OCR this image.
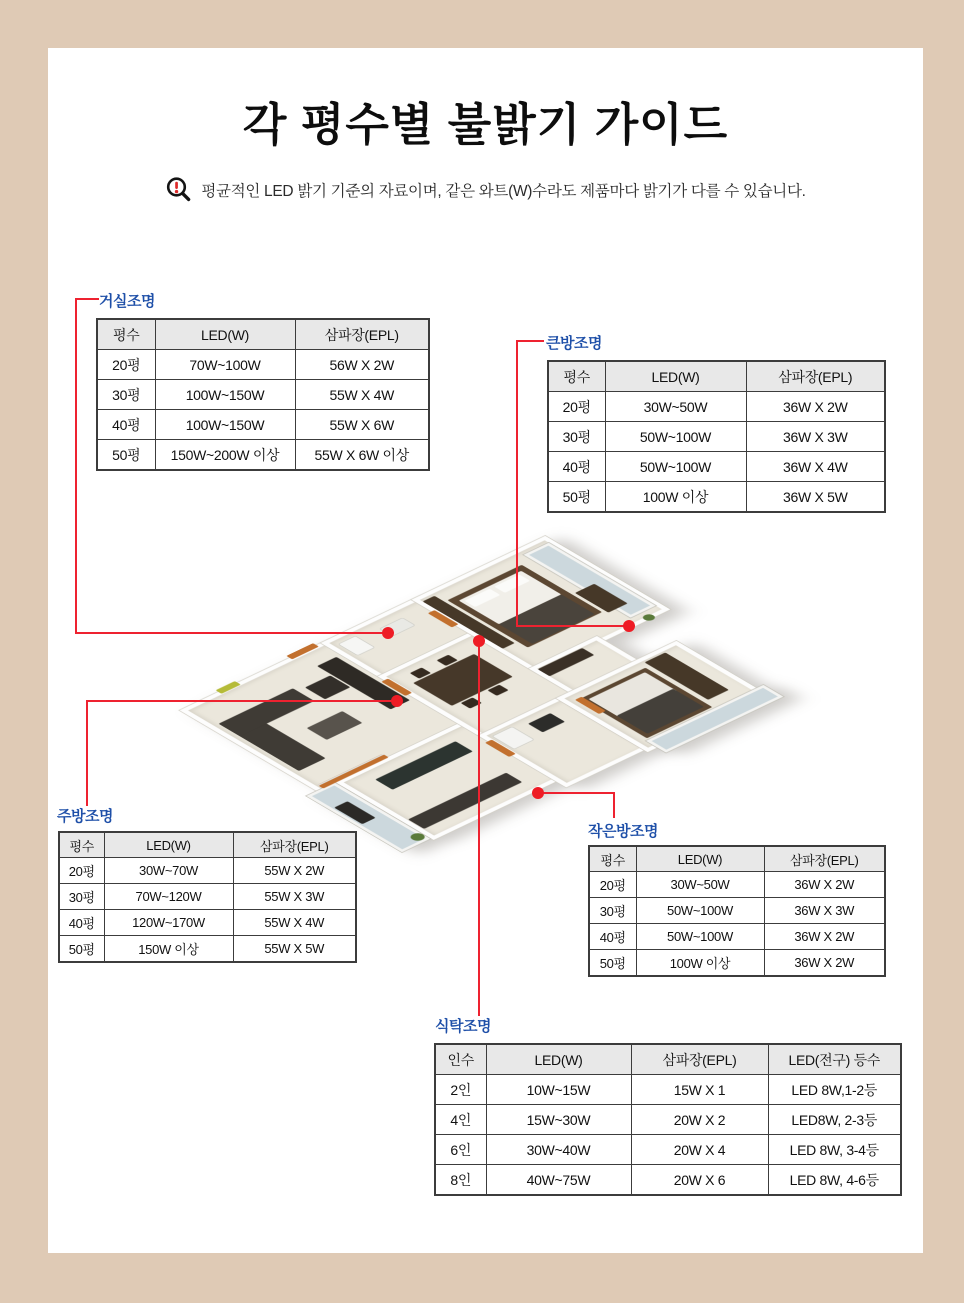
각 평수별 불밝기 가이드
평균적인 LED 밝기 기준의 자료이며, 같은 와트(W)수라도 제품마다 밝기가 다를 수 있습니다.
거실조명
큰방조명
주방조명
작은방조명
식탁조명
평수	LED(W)	삼파장(EPL)
20평	70W~100W	56W X 2W
30평	100W~150W	55W X 4W
40평	100W~150W	55W X 6W
50평	150W~200W 이상	55W X 6W 이상
평수	LED(W)	삼파장(EPL)
20평	30W~50W	36W X 2W
30평	50W~100W	36W X 3W
40평	50W~100W	36W X 4W
50평	100W 이상	36W X 5W
평수	LED(W)	삼파장(EPL)
20평	30W~70W	55W X 2W
30평	70W~120W	55W X 3W
40평	120W~170W	55W X 4W
50평	150W 이상	55W X 5W
평수	LED(W)	삼파장(EPL)
20평	30W~50W	36W X 2W
30평	50W~100W	36W X 3W
40평	50W~100W	36W X 2W
50평	100W 이상	36W X 2W
인수	LED(W)	삼파장(EPL)	LED(전구) 등수
2인	10W~15W	15W X 1	LED 8W,1-2등
4인	15W~30W	20W X 2	LED8W, 2-3등
6인	30W~40W	20W X 4	LED 8W, 3-4등
8인	40W~75W	20W X 6	LED 8W, 4-6등
